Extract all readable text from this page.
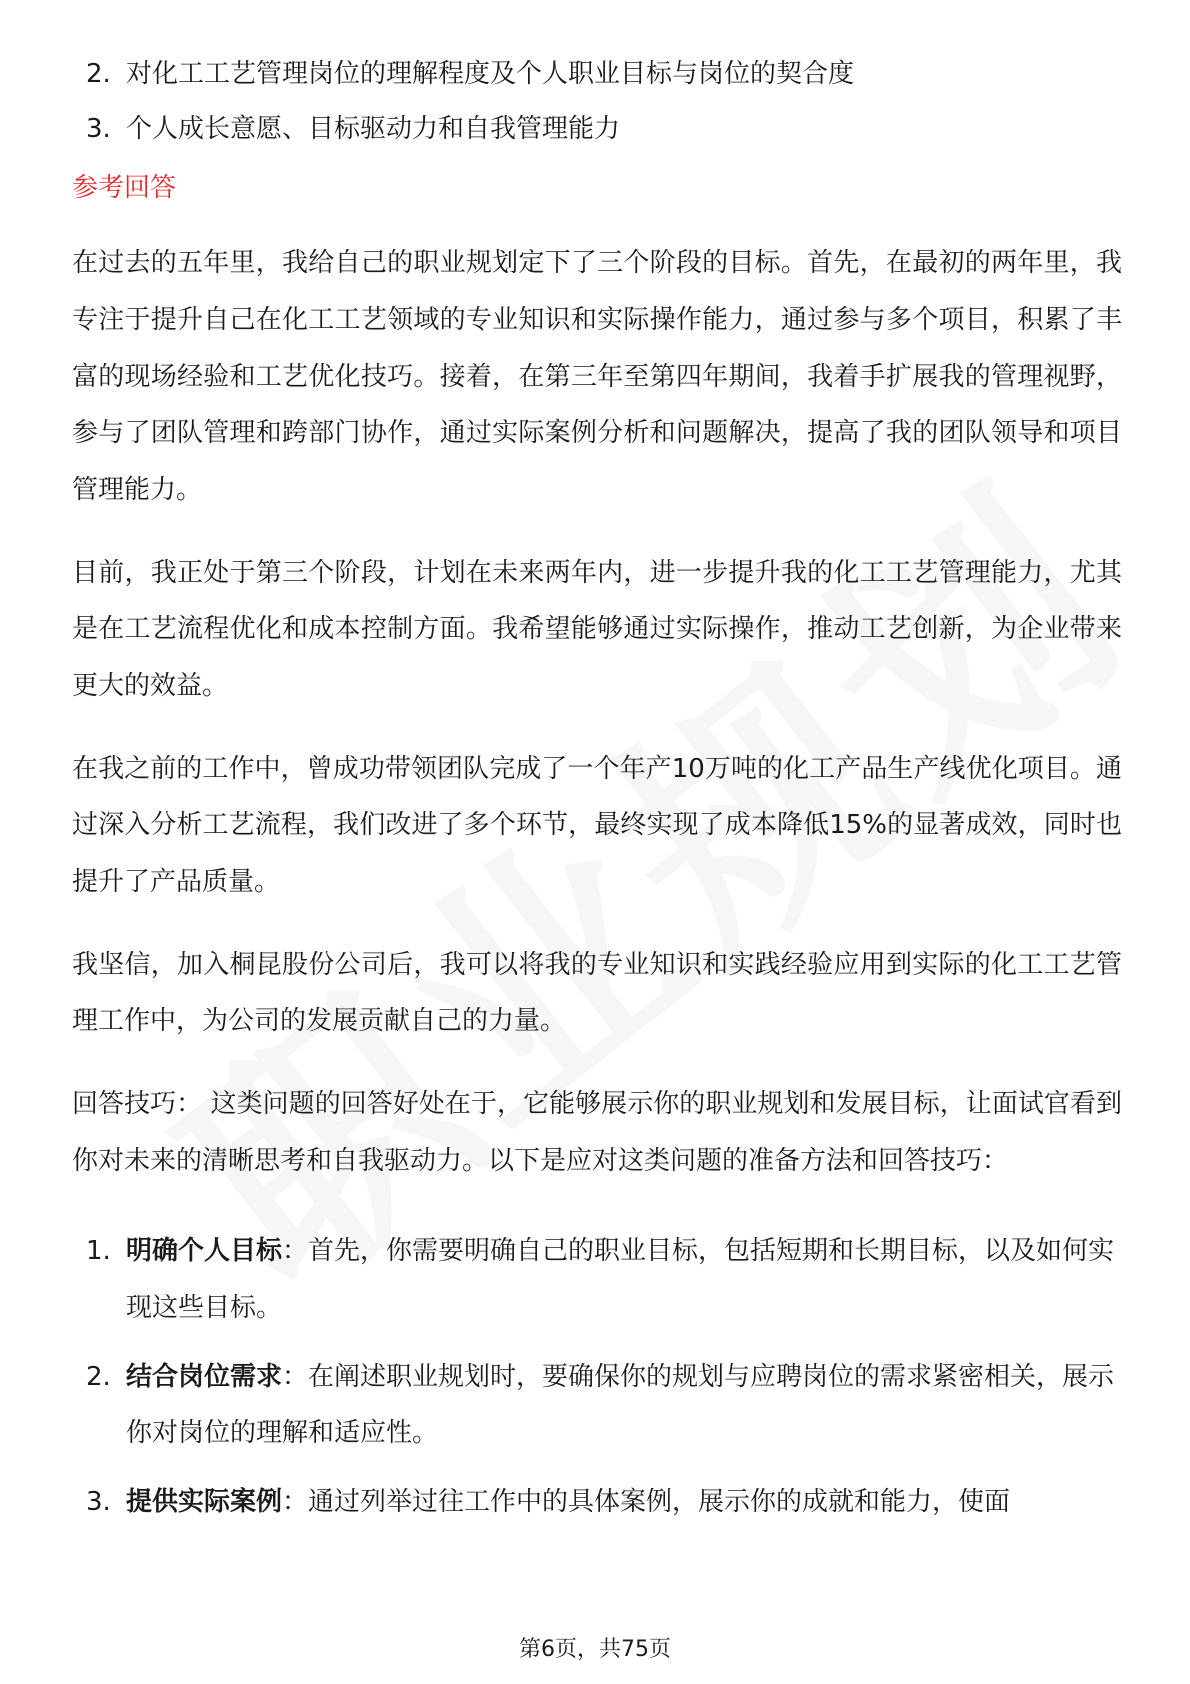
2. 对化工工艺管理岗位的理解程度及个人职业目标与岗位的契合度
3. 个人成长意愿、目标驱动力和自我管理能力
参考回答

在过去的五年里，我给自己的职业规划定下了三个阶段的目标。首先，在最初的两年里，我专注于提升自己在化工工艺领域的专业知识和实际操作能力，通过参与多个项目，积累了丰富的现场经验和工艺优化技巧。接着，在第三年至第四年期间，我着手扩展我的管理视野，参与了团队管理和跨部门协作，通过实际案例分析和问题解决，提高了我的团队领导和项目管理能力。

目前，我正处于第三个阶段，计划在未来两年内，进一步提升我的化工工艺管理能力，尤其是在工艺流程优化和成本控制方面。我希望能够通过实际操作，推动工艺创新，为企业带来更大的效益。

在我之前的工作中，曾成功带领团队完成了一个年产10万吨的化工产品生产线优化项目。通过深入分析工艺流程，我们改进了多个环节，最终实现了成本降低15%的显著成效，同时也提升了产品质量。

我坚信，加入桐昆股份公司后，我可以将我的专业知识和实践经验应用到实际的化工工艺管理工作中，为公司的发展贡献自己的力量。

回答技巧： 这类问题的回答好处在于，它能够展示你的职业规划和发展目标，让面试官看到你对未来的清晰思考和自我驱动力。以下是应对这类问题的准备方法和回答技巧：

1. 明确个人目标：首先，你需要明确自己的职业目标，包括短期和长期目标，以及如何实现这些目标。
2. 结合岗位需求：在阐述职业规划时，要确保你的规划与应聘岗位的需求紧密相关，展示你对岗位的理解和适应性。
3. 提供实际案例：通过列举过往工作中的具体案例，展示你的成就和能力，使面
第6页，共75页
